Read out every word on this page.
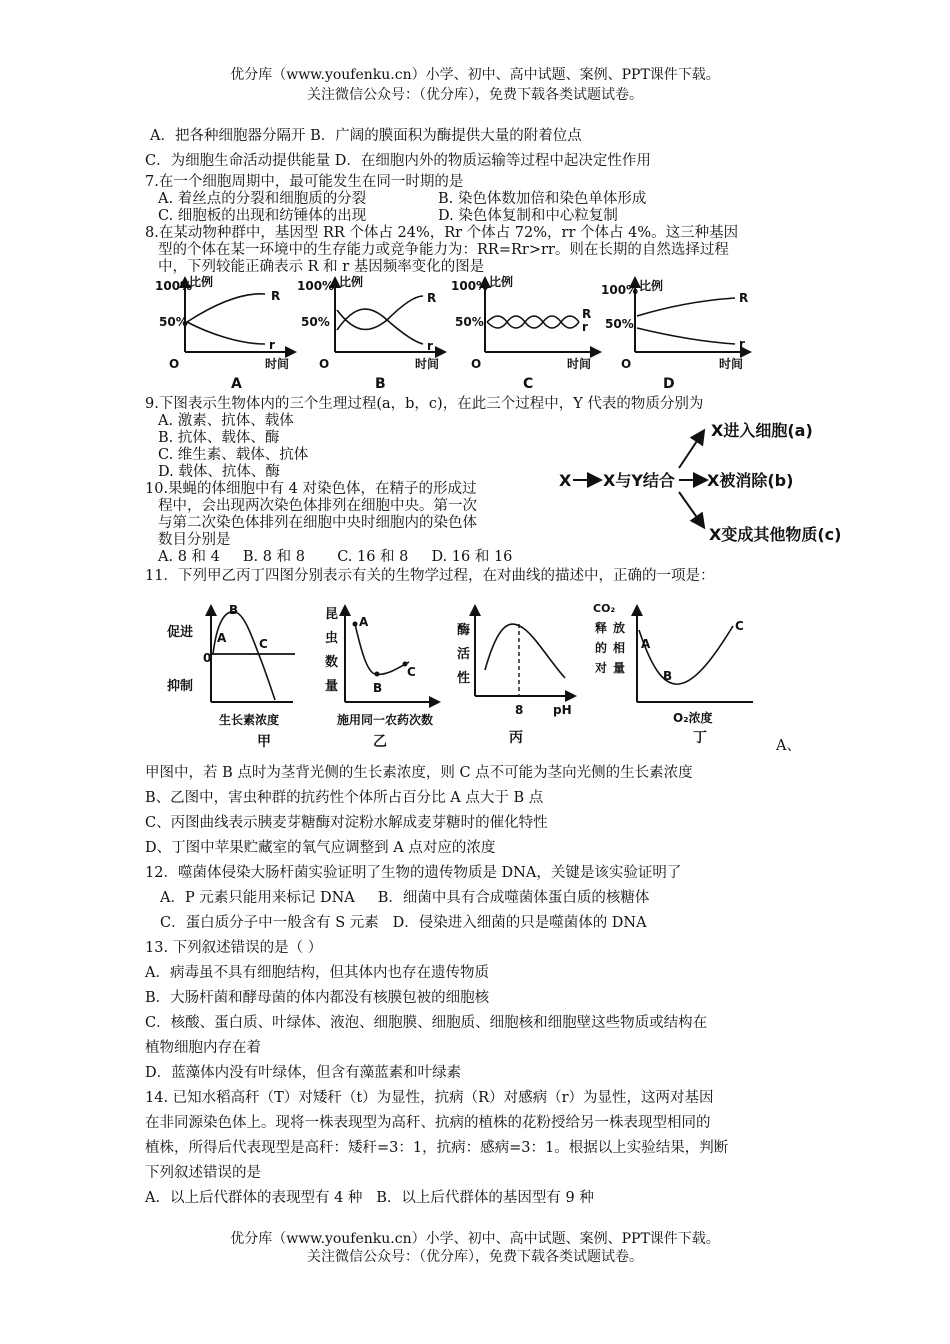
优分库（www.youfenku.cn）小学、初中、高中试题、案例、PPT课件下载。
关注微信公众号：（优分库），免费下载各类试题试卷。
A．把各种细胞器分隔开 B．广阔的膜面积为酶提供大量的附着位点
C．为细胞生命活动提供能量 D．在细胞内外的物质运输等过程中起决定性作用
7.在一个细胞周期中，最可能发生在同一时期的是
A. 着丝点的分裂和细胞质的分裂	B. 染色体数加倍和染色单体形成
C. 细胞板的出现和纺锤体的出现	D. 染色体复制和中心粒复制
8.在某动物种群中，基因型 RR 个体占 24%，Rr 个体占 72%，rr 个体占 4%。这三种基因
型的个体在某一环境中的生存能力或竞争能力为：RR=Rr>rr。则在长期的自然选择过程
中，下列较能正确表示 R 和 r 基因频率变化的图是
100%
50%
比例
O	时间
R
r
A
100%
50%
比例
O	时间
R
r
B
100%
50%
比例
O	时间
R
r
C
100%
50%
比例
O	时间
R
r
D
9.下图表示生物体内的三个生理过程(a，b，c)，在此三个过程中，Y 代表的物质分别为
A. 激素、抗体、载体
B. 抗体、载体、酶
C. 维生素、载体、抗体
D. 载体、抗体、酶	X X与Y结合
X进入细胞(a)
X被消除(b)
X变成其他物质(c)
10.果蝇的体细胞中有 4 对染色体，在精子的形成过
程中，会出现两次染色体排列在细胞中央。第一次
与第二次染色体排列在细胞中央时细胞内的染色体
数目分别是
A. 8 和 4     B. 8 和 8       C. 16 和 8     D. 16 和 16
11．下列甲乙丙丁四图分别表示有关的生物学过程，在对曲线的描述中，正确的一项是：
促进
抑制
0
B
A	C
生长素浓度
甲
昆
虫
数
量
A
B
C
施用同一农药次数
乙
酶
活
性
8 pH
丙
CO₂
释 放
的 相
对 量
A
B
C
O₂浓度
丁	A、
甲图中，若 B 点时为茎背光侧的生长素浓度，则 C 点不可能为茎向光侧的生长素浓度
B、乙图中，害虫种群的抗药性个体所占百分比 A 点大于 B 点
C、丙图曲线表示胰麦芽糖酶对淀粉水解成麦芽糖时的催化特性
D、丁图中苹果贮藏室的氧气应调整到 A 点对应的浓度
12．噬菌体侵染大肠杆菌实验证明了生物的遗传物质是 DNA，关键是该实验证明了
A．P 元素只能用来标记 DNA     B．细菌中具有合成噬菌体蛋白质的核糖体
C．蛋白质分子中一般含有 S 元素   D．侵染进入细菌的只是噬菌体的 DNA
13. 下列叙述错误的是（ ）
A．病毒虽不具有细胞结构，但其体内也存在遗传物质
B．大肠杆菌和酵母菌的体内都没有核膜包被的细胞核
C．核酸、蛋白质、叶绿体、液泡、细胞膜、细胞质、细胞核和细胞壁这些物质或结构在
植物细胞内存在着
D．蓝藻体内没有叶绿体，但含有藻蓝素和叶绿素
14. 已知水稻高秆（T）对矮秆（t）为显性，抗病（R）对感病（r）为显性，这两对基因
在非同源染色体上。现将一株表现型为高秆、抗病的植株的花粉授给另一株表现型相同的
植株，所得后代表现型是高秆：矮秆=3：1，抗病：感病=3：1。根据以上实验结果，判断
下列叙述错误的是
A．以上后代群体的表现型有 4 种   B．以上后代群体的基因型有 9 种
优分库（www.youfenku.cn）小学、初中、高中试题、案例、PPT课件下载。
关注微信公众号：（优分库），免费下载各类试题试卷。
